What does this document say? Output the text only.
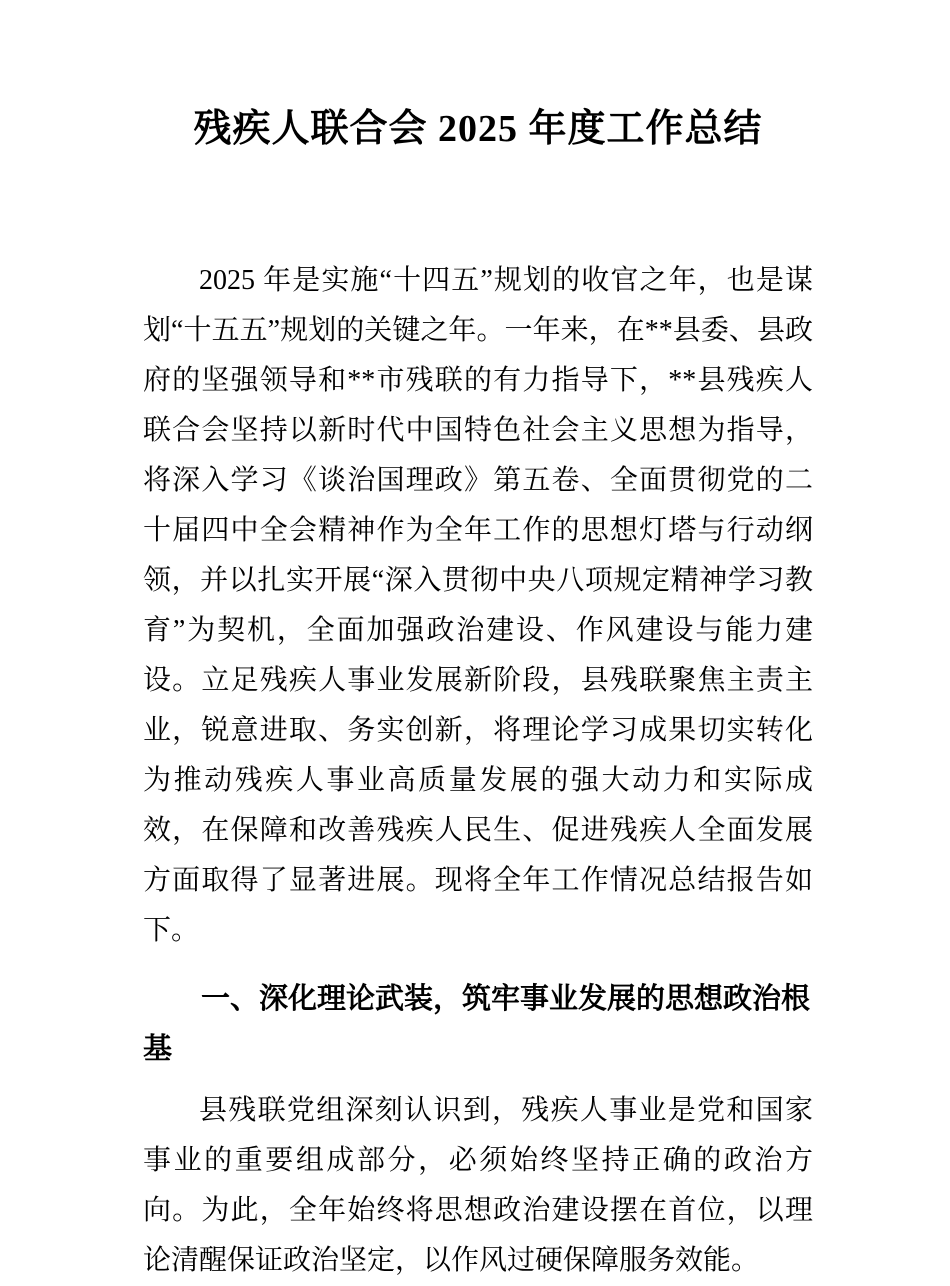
残疾人联合会 2025 年度工作总结

2025 年是实施“十四五”规划的收官之年，也是谋划“十五五”规划的关键之年。一年来，在**县委、县政府的坚强领导和**市残联的有力指导下，**县残疾人联合会坚持以新时代中国特色社会主义思想为指导，将深入学习《谈治国理政》第五卷、全面贯彻党的二十届四中全会精神作为全年工作的思想灯塔与行动纲领，并以扎实开展“深入贯彻中央八项规定精神学习教育”为契机，全面加强政治建设、作风建设与能力建设。立足残疾人事业发展新阶段，县残联聚焦主责主业，锐意进取、务实创新，将理论学习成果切实转化为推动残疾人事业高质量发展的强大动力和实际成效，在保障和改善残疾人民生、促进残疾人全面发展方面取得了显著进展。现将全年工作情况总结报告如下。

一、深化理论武装，筑牢事业发展的思想政治根基

县残联党组深刻认识到，残疾人事业是党和国家事业的重要组成部分，必须始终坚持正确的政治方向。为此，全年始终将思想政治建设摆在首位，以理论清醒保证政治坚定，以作风过硬保障服务效能。
